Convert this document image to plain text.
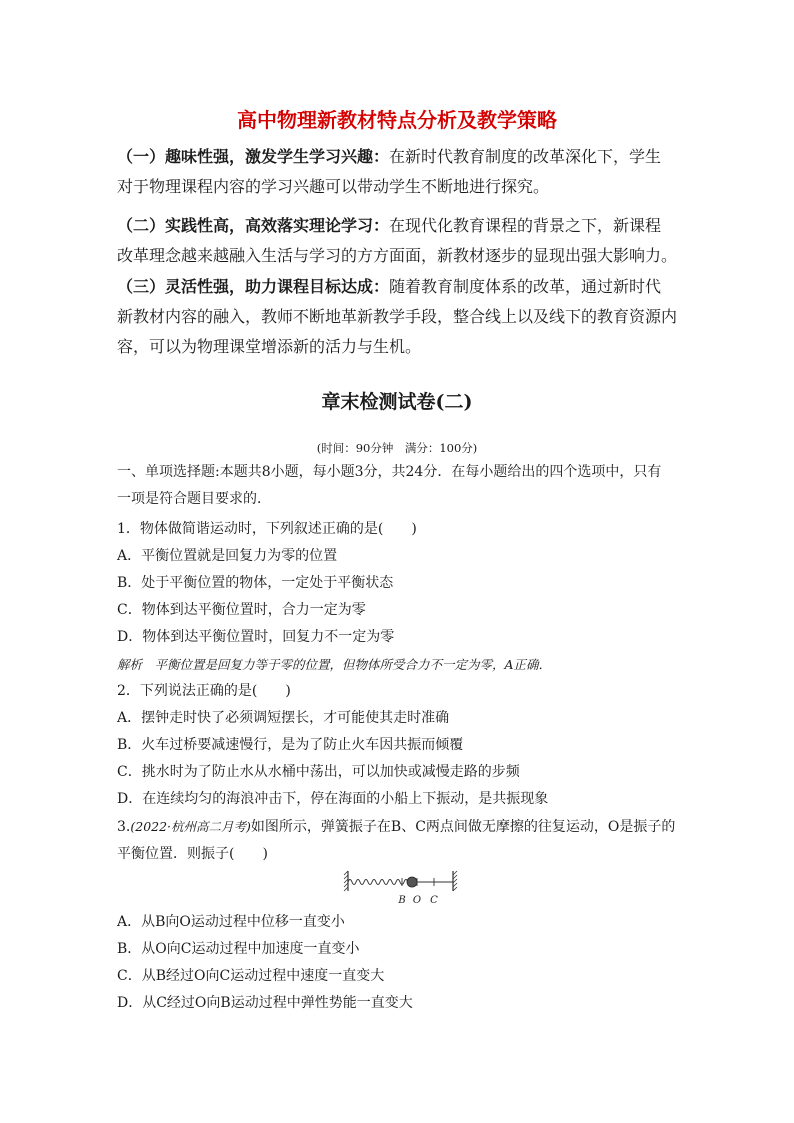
高中物理新教材特点分析及教学策略

（一）趣味性强，激发学生学习兴趣：在新时代教育制度的改革深化下，学生对于物理课程内容的学习兴趣可以带动学生不断地进行探究。

（二）实践性高，高效落实理论学习：在现代化教育课程的背景之下，新课程改革理念越来越融入生活与学习的方方面面，新教材逐步的显现出强大影响力。

（三）灵活性强，助力课程目标达成：随着教育制度体系的改革，通过新时代新教材内容的融入，教师不断地革新教学手段，整合线上以及线下的教育资源内容，可以为物理课堂增添新的活力与生机。

章末检测试卷(二)
(时间：90分钟　满分：100分)

一、单项选择题:本题共8小题，每小题3分，共24分．在每小题给出的四个选项中，只有

一项是符合题目要求的．

1．物体做简谐运动时，下列叙述正确的是(　　)

A．平衡位置就是回复力为零的位置

B．处于平衡位置的物体，一定处于平衡状态

C．物体到达平衡位置时，合力一定为零

D．物体到达平衡位置时，回复力不一定为零

解析　平衡位置是回复力等于零的位置，但物体所受合力不一定为零，A正确．

2．下列说法正确的是(　　)

A．摆钟走时快了必须调短摆长，才可能使其走时准确

B．火车过桥要减速慢行，是为了防止火车因共振而倾覆

C．挑水时为了防止水从水桶中荡出，可以加快或减慢走路的步频

D．在连续均匀的海浪冲击下，停在海面的小船上下振动，是共振现象

3.(2022·杭州高二月考)如图所示，弹簧振子在B、C两点间做无摩擦的往复运动，O是振子的

平衡位置．则振子(　　)

B O C

A．从B向O运动过程中位移一直变小

B．从O向C运动过程中加速度一直变小

C．从B经过O向C运动过程中速度一直变大

D．从C经过O向B运动过程中弹性势能一直变大
